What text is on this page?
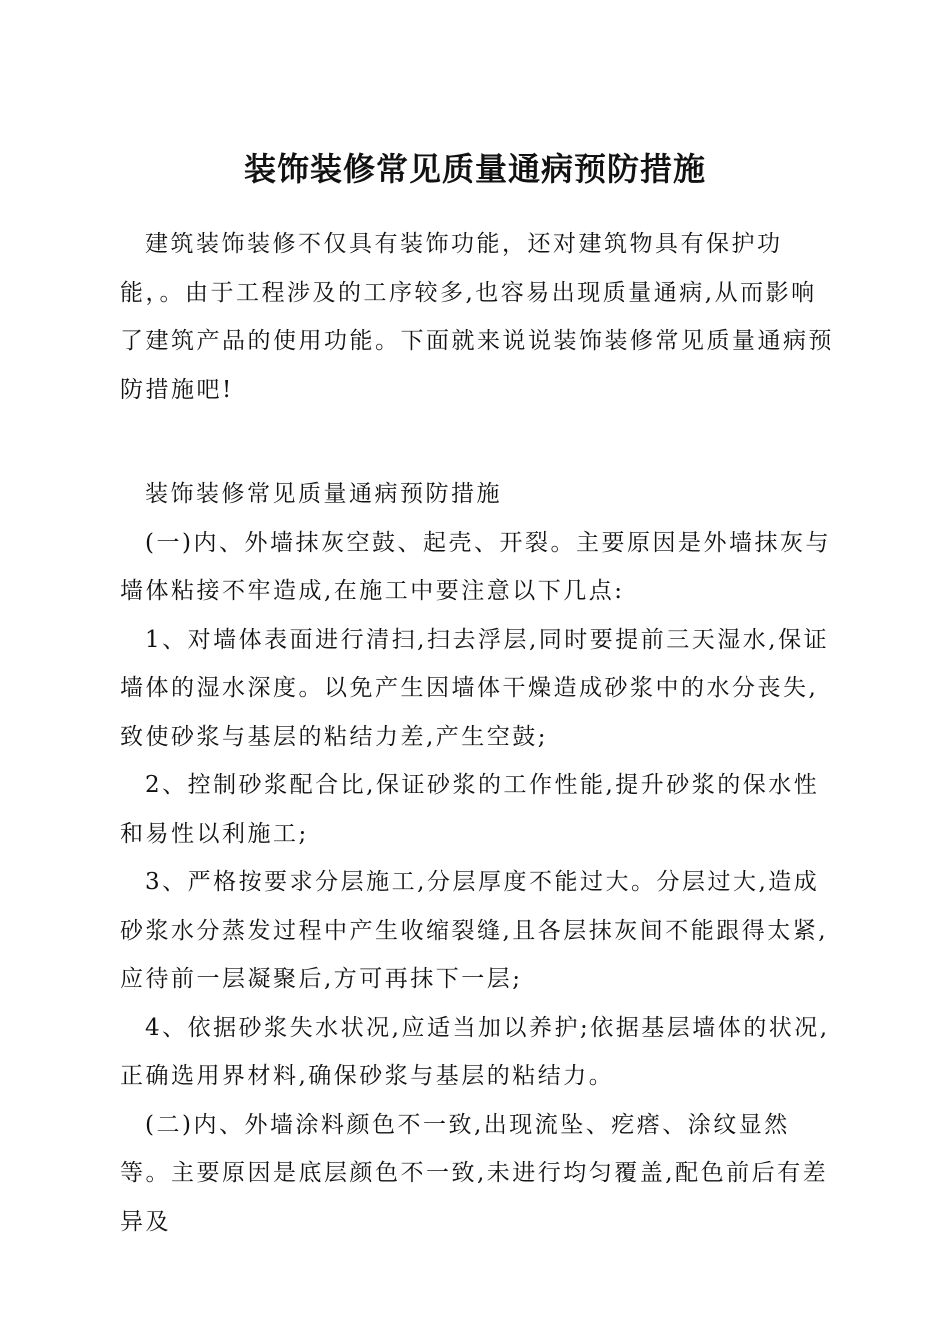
装饰装修常见质量通病预防措施

建筑装饰装修不仅具有装饰功能，还对建筑物具有保护功能，。由于工程涉及的工序较多,也容易出现质量通病,从而影响了建筑产品的使用功能。下面就来说说装饰装修常见质量通病预防措施吧!

装饰装修常见质量通病预防措施

(一)内、外墙抹灰空鼓、起壳、开裂。主要原因是外墙抹灰与墙体粘接不牢造成,在施工中要注意以下几点:

1、对墙体表面进行清扫,扫去浮层,同时要提前三天湿水,保证墙体的湿水深度。以免产生因墙体干燥造成砂浆中的水分丧失,致使砂浆与基层的粘结力差,产生空鼓;

2、控制砂浆配合比,保证砂浆的工作性能,提升砂浆的保水性和易性以利施工;

3、严格按要求分层施工,分层厚度不能过大。分层过大,造成砂浆水分蒸发过程中产生收缩裂缝,且各层抹灰间不能跟得太紧,应待前一层凝聚后,方可再抹下一层;

4、依据砂浆失水状况,应适当加以养护;依据基层墙体的状况,正确选用界材料,确保砂浆与基层的粘结力。

(二)内、外墙涂料颜色不一致,出现流坠、疙瘩、涂纹显然等。主要原因是底层颜色不一致,未进行均匀覆盖,配色前后有差异及
